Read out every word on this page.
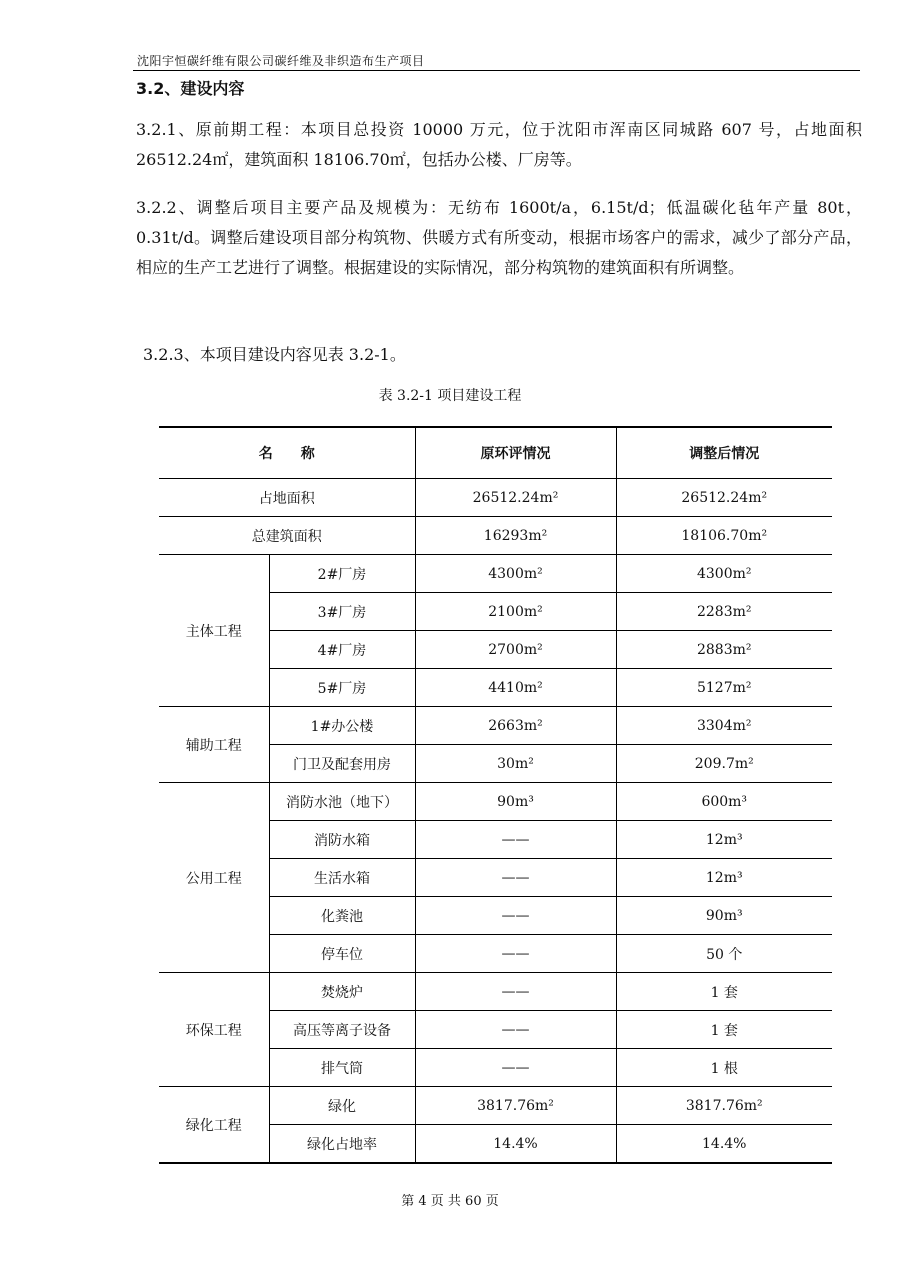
沈阳宇恒碳纤维有限公司碳纤维及非织造布生产项目
3.2、建设内容
3.2.1、原前期工程：本项目总投资 10000 万元，位于沈阳市浑南区同城路 607 号，占地面积 26512.24㎡，建筑面积 18106.70㎡，包括办公楼、厂房等。
3.2.2、调整后项目主要产品及规模为：无纺布 1600t/a，6.15t/d；低温碳化毡年产量 80t，0.31t/d。调整后建设项目部分构筑物、供暖方式有所变动，根据市场客户的需求，减少了部分产品， 相应的生产工艺进行了调整。根据建设的实际情况，部分构筑物的建筑面积有所调整。
3.2.3、本项目建设内容见表 3.2-1。
表 3.2-1 项目建设工程
名　　称		原环评情况	调整后情况
占地面积		26512.24m²	26512.24m²
总建筑面积		16293m²	18106.70m²
主体工程	2#厂房	4300m²	4300m²
	3#厂房	2100m²	2283m²
	4#厂房	2700m²	2883m²
	5#厂房	4410m²	5127m²
辅助工程	1#办公楼	2663m²	3304m²
	门卫及配套用房	30m²	209.7m²
公用工程	消防水池（地下）	90m³	600m³
	消防水箱	——	12m³
	生活水箱	——	12m³
	化粪池	——	90m³
	停车位	——	50 个
环保工程	焚烧炉	——	1 套
	高压等离子设备	——	1 套
	排气筒	——	1 根
绿化工程	绿化	3817.76m²	3817.76m²
	绿化占地率	14.4%	14.4%
第 4 页 共 60 页
